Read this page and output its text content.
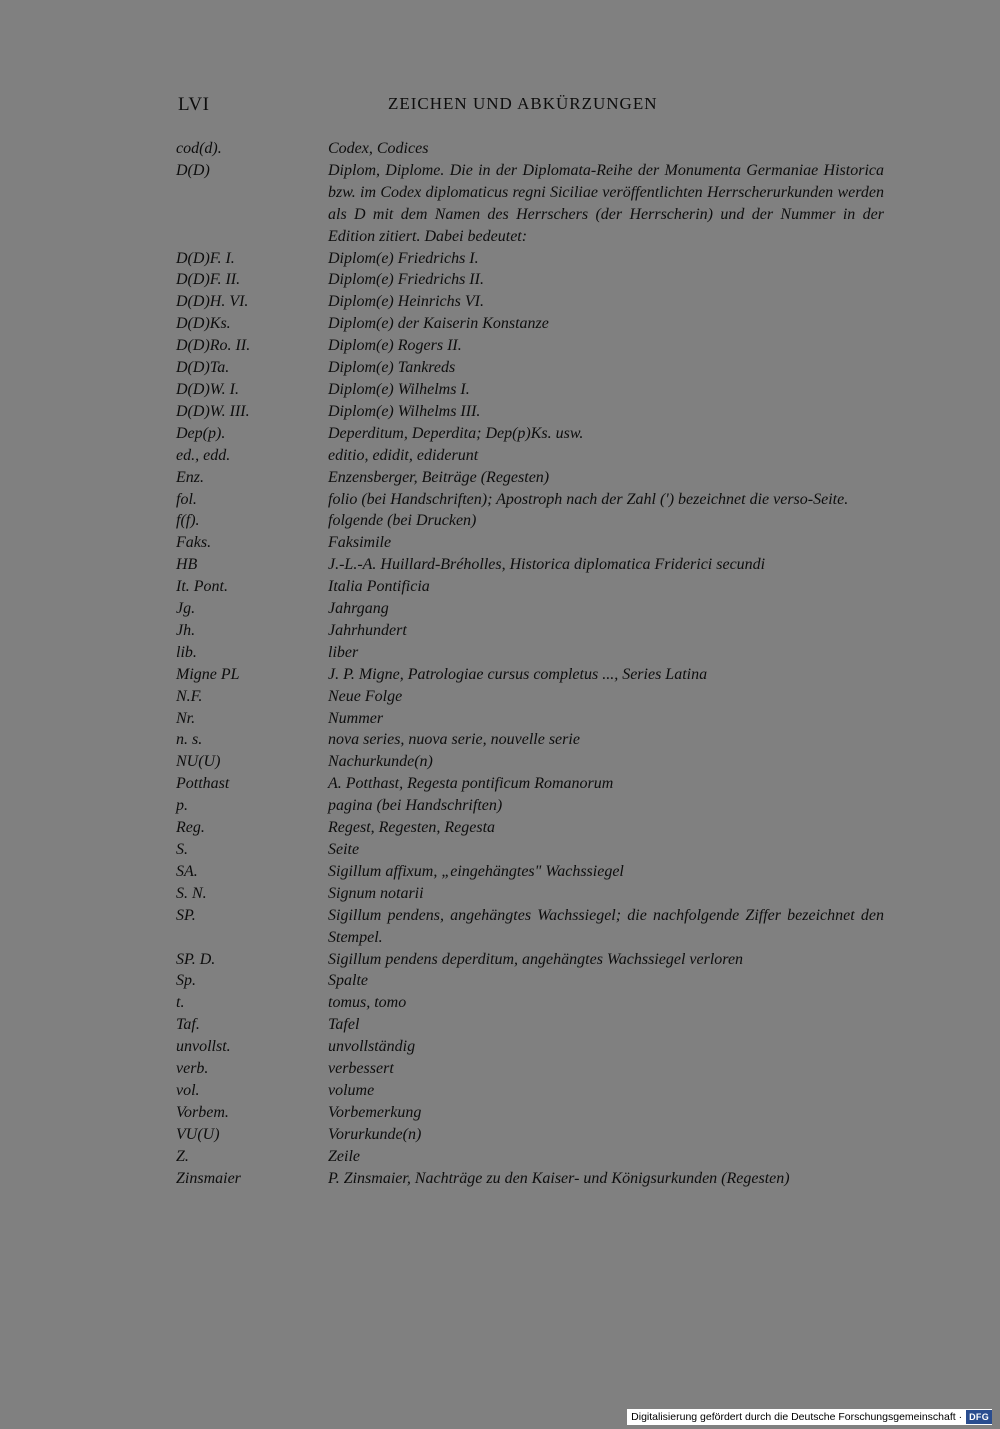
LVI	ZEICHEN UND ABKÜRZUNGEN
cod(d).	Codex, Codices
D(D)	Diplom, Diplome. Die in der Diplomata-Reihe der Monumenta Germaniae Historica bzw. im Codex diplomaticus regni Siciliae veröffentlichten Herrscherurkunden werden als D mit dem Namen des Herrschers (der Herrscherin) und der Nummer in der Edition zitiert. Dabei bedeutet:
D(D)F. I.	Diplom(e) Friedrichs I.
D(D)F. II.	Diplom(e) Friedrichs II.
D(D)H. VI.	Diplom(e) Heinrichs VI.
D(D)Ks.	Diplom(e) der Kaiserin Konstanze
D(D)Ro. II.	Diplom(e) Rogers II.
D(D)Ta.	Diplom(e) Tankreds
D(D)W. I.	Diplom(e) Wilhelms I.
D(D)W. III.	Diplom(e) Wilhelms III.
Dep(p).	Deperditum, Deperdita; Dep(p)Ks. usw.
ed., edd.	editio, edidit, ediderunt
Enz.	Enzensberger, Beiträge (Regesten)
fol.	folio (bei Handschriften); Apostroph nach der Zahl (') bezeichnet die verso-Seite.
f(f).	folgende (bei Drucken)
Faks.	Faksimile
HB	J.-L.-A. Huillard-Bréholles, Historica diplomatica Friderici secundi
It. Pont.	Italia Pontificia
Jg.	Jahrgang
Jh.	Jahrhundert
lib.	liber
Migne PL	J. P. Migne, Patrologiae cursus completus ..., Series Latina
N.F.	Neue Folge
Nr.	Nummer
n. s.	nova series, nuova serie, nouvelle serie
NU(U)	Nachurkunde(n)
Potthast	A. Potthast, Regesta pontificum Romanorum
p.	pagina (bei Handschriften)
Reg.	Regest, Regesten, Regesta
S.	Seite
SA.	Sigillum affixum, „eingehängtes" Wachssiegel
S. N.	Signum notarii
SP.	Sigillum pendens, angehängtes Wachssiegel; die nachfolgende Ziffer bezeichnet den Stempel.
SP. D.	Sigillum pendens deperditum, angehängtes Wachssiegel verloren
Sp.	Spalte
t.	tomus, tomo
Taf.	Tafel
unvollst.	unvollständig
verb.	verbessert
vol.	volume
Vorbem.	Vorbemerkung
VU(U)	Vorurkunde(n)
Z.	Zeile
Zinsmaier	P. Zinsmaier, Nachträge zu den Kaiser- und Königsurkunden (Regesten)
Digitalisierung gefördert durch die Deutsche Forschungsgemeinschaft · DFG
